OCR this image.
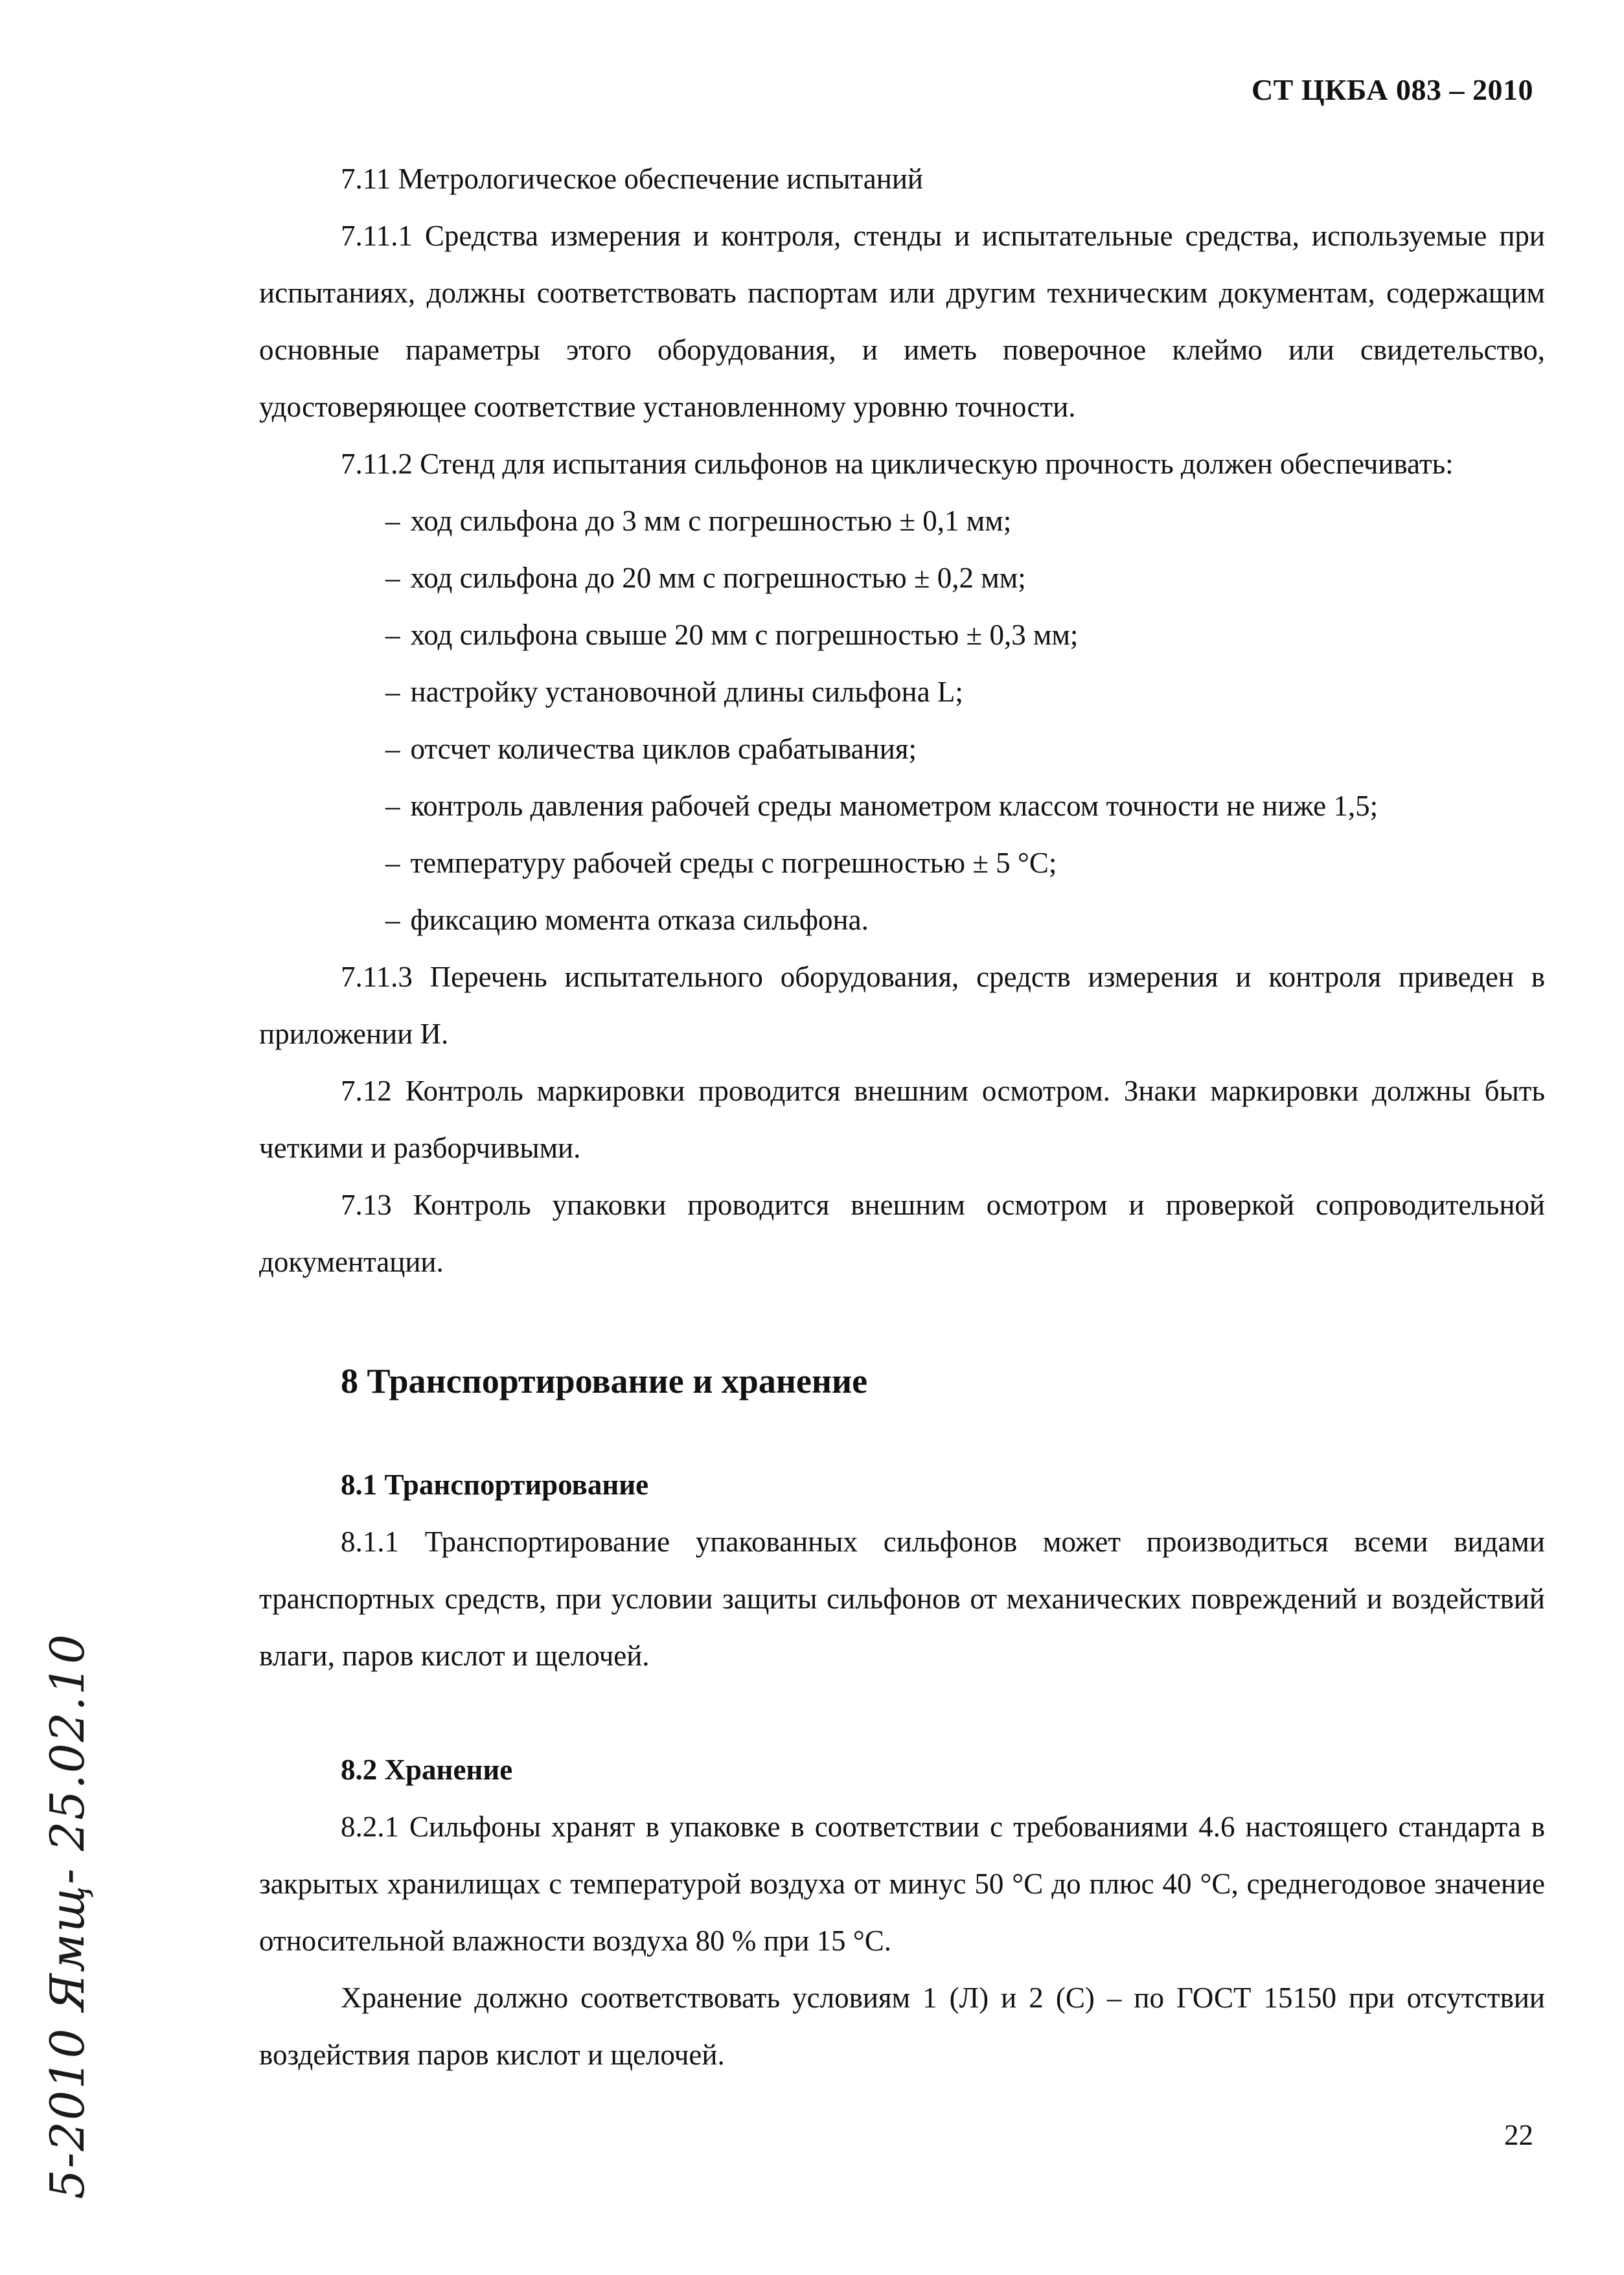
СТ ЦКБА 083 – 2010

7.11 Метрологическое обеспечение испытаний

7.11.1 Средства измерения и контроля, стенды и испытательные средства, используемые при испытаниях, должны соответствовать паспортам или другим техническим документам, содержащим основные параметры этого оборудования, и иметь поверочное клеймо или свидетельство, удостоверяющее соответствие установленному уровню точности.

7.11.2 Стенд для испытания сильфонов на циклическую прочность должен обеспечивать:

– ход сильфона до 3 мм с погрешностью ± 0,1 мм;
– ход сильфона до 20 мм с погрешностью ± 0,2 мм;
– ход сильфона свыше 20 мм с погрешностью ± 0,3 мм;
– настройку установочной длины сильфона L;
– отсчет количества циклов срабатывания;
– контроль давления рабочей среды манометром классом точности не ниже 1,5;
– температуру рабочей среды с погрешностью ± 5 °С;
– фиксацию момента отказа сильфона.

7.11.3 Перечень испытательного оборудования, средств измерения и контроля приведен в приложении И.

7.12 Контроль маркировки проводится внешним осмотром. Знаки маркировки должны быть четкими и разборчивыми.

7.13 Контроль упаковки проводится внешним осмотром и проверкой сопроводительной документации.

8 Транспортирование и хранение
8.1 Транспортирование

8.1.1 Транспортирование упакованных сильфонов может производиться всеми видами транспортных средств, при условии защиты сильфонов от механических повреждений и воздействий влаги, паров кислот и щелочей.

8.2 Хранение

8.2.1 Сильфоны хранят в упаковке в соответствии с требованиями 4.6 настоящего стандарта в закрытых хранилищах с температурой воздуха от минус 50 °С до плюс 40 °С, среднегодовое значение относительной влажности воздуха 80 % при 15 °С.

Хранение должно соответствовать условиям 1 (Л) и 2 (С) – по ГОСТ 15150 при отсутствии воздействия паров кислот и щелочей.

22
5-2010 Ямщ- 25.02.10
